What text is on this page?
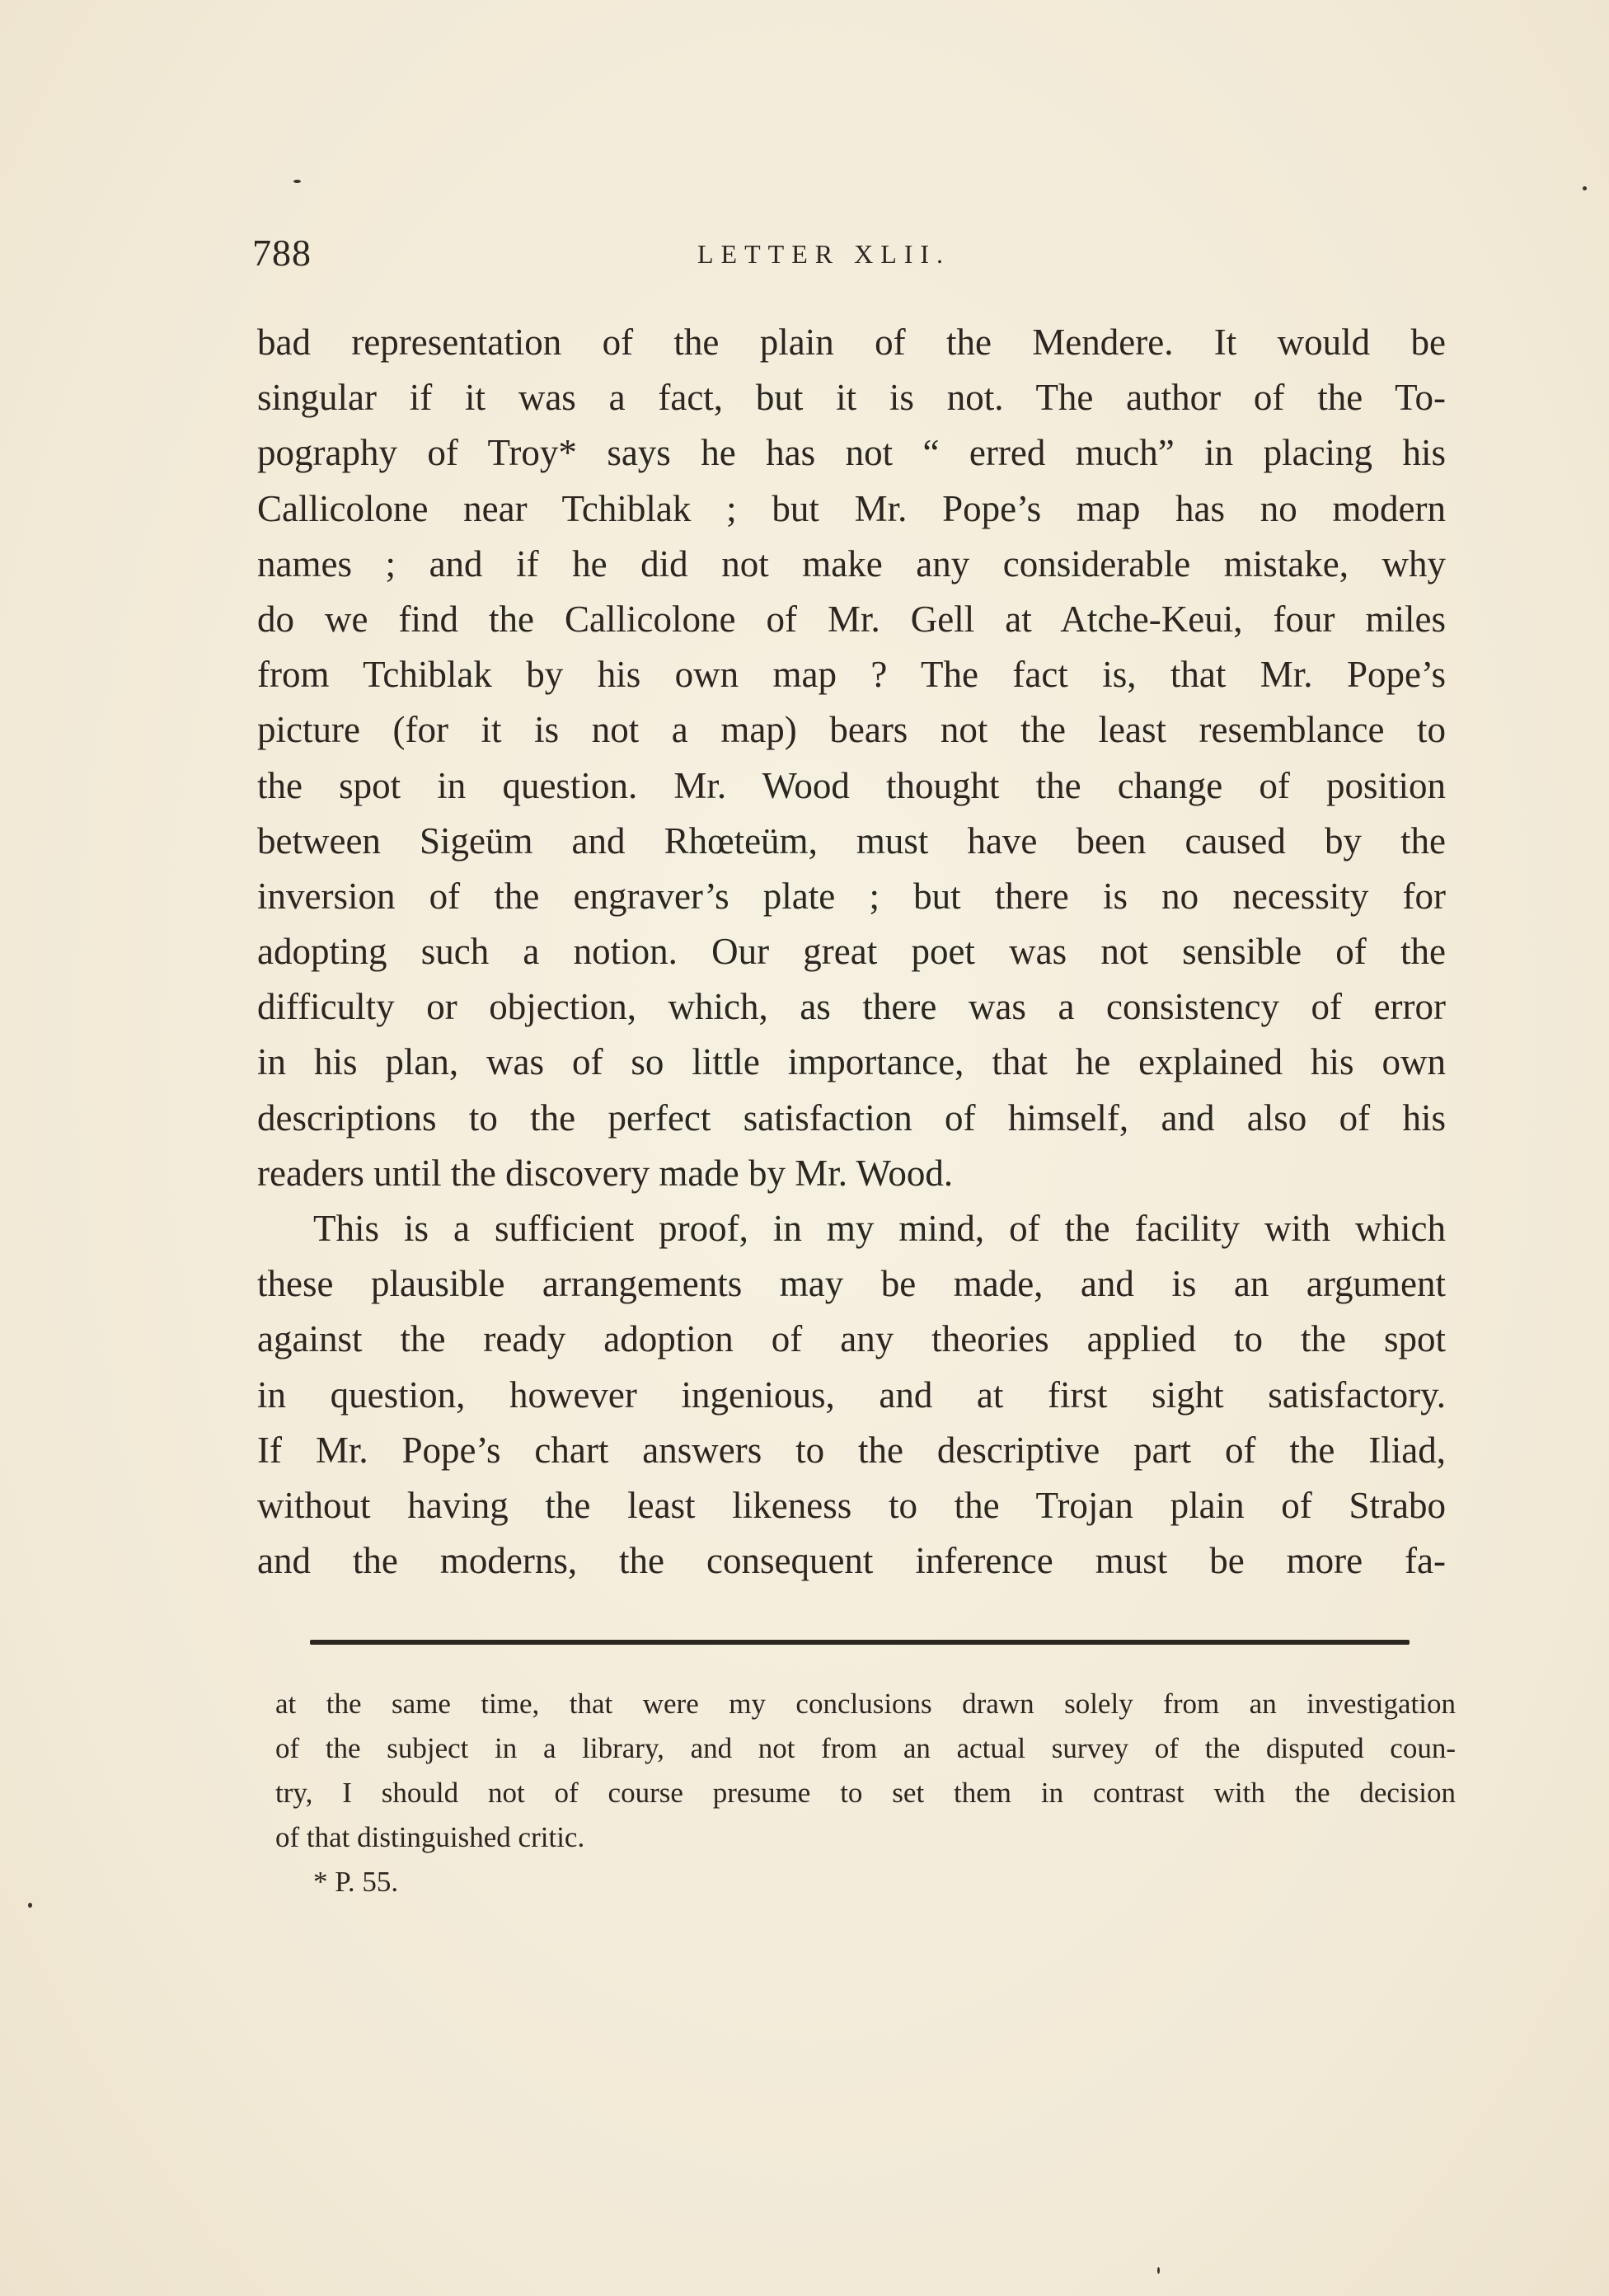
788	LETTER XLII.
bad representation of the plain of the Mendere. It would be
singular if it was a fact, but it is not. The author of the To-
pography of Troy* says he has not “ erred much” in placing his
Callicolone near Tchiblak ; but Mr. Pope’s map has no modern
names ; and if he did not make any considerable mistake, why
do we find the Callicolone of Mr. Gell at Atche-Keui, four miles
from Tchiblak by his own map ? The fact is, that Mr. Pope’s
picture (for it is not a map) bears not the least resemblance to
the spot in question. Mr. Wood thought the change of position
between Sigeüm and Rhœteüm, must have been caused by the
inversion of the engraver’s plate ; but there is no necessity for
adopting such a notion. Our great poet was not sensible of the
difficulty or objection, which, as there was a consistency of error
in his plan, was of so little importance, that he explained his own
descriptions to the perfect satisfaction of himself, and also of his
readers until the discovery made by Mr. Wood.
This is a sufficient proof, in my mind, of the facility with which
these plausible arrangements may be made, and is an argument
against the ready adoption of any theories applied to the spot
in question, however ingenious, and at first sight satisfactory.
If Mr. Pope’s chart answers to the descriptive part of the Iliad,
without having the least likeness to the Trojan plain of Strabo
and the moderns, the consequent inference must be more fa-
at the same time, that were my conclusions drawn solely from an investigation
of the subject in a library, and not from an actual survey of the disputed coun-
try, I should not of course presume to set them in contrast with the decision
of that distinguished critic.
* P. 55.
